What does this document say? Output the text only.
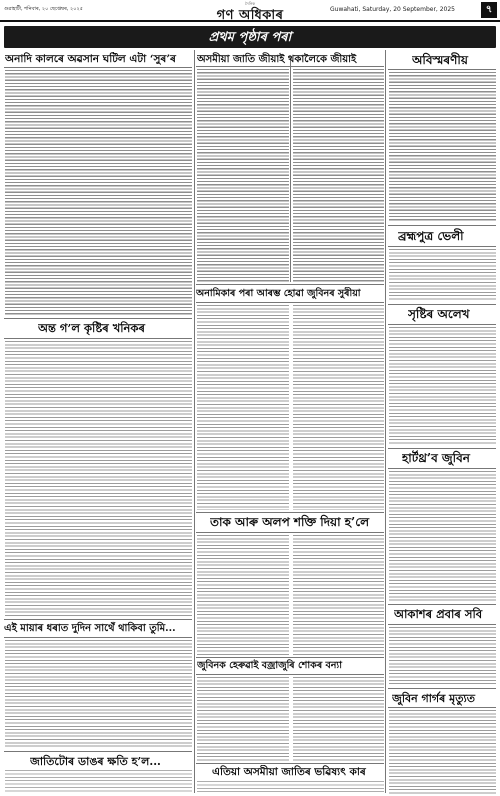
গুৱাহাটী, শনিবাৰ, ২০ ছেপ্তেম্বৰ, ২০২৫
দৈনিক
গণ অধিকাৰ	Guwahati, Saturday, 20 September, 2025	৭
প্ৰথম পৃষ্ঠাৰ পৰা
অনাদি কালৰে অৱসান ঘটিল এটা ‘সুৰ’ৰ
অন্ত গ’ল কৃষ্টিৰ খনিকৰ
এই মায়াৰ ধৰাত দুদিন সাথেঁ থাকিবা তুমি...
জাতিটোৰ ডাঙৰ ক্ষতি হ’ল...
অসমীয়া জাতি জীয়াই থকালৈকে জীয়াই
অনামিকাৰ পৰা আৰম্ভ হোৱা জুবিনৰ সুৰীয়া
তাক আৰু অলপ শক্তি দিয়া হ’লে
জুবিনক হেৰুৱাই বজ্ৰাজুৰি শোকৰ বন্যা
এতিয়া অসমীয়া জাতিৰ ভৱিষ্যৎ কাৰ
অবিস্মৰণীয়
ব্ৰহ্মপুত্ৰ ভেলী
সৃষ্টিৰ অলেখ
হাৰ্টথ্ৰ’ব জুবিন
আকাশৰ প্ৰবাৰ সবি
জুবিন গাৰ্গৰ মৃত্যুত
